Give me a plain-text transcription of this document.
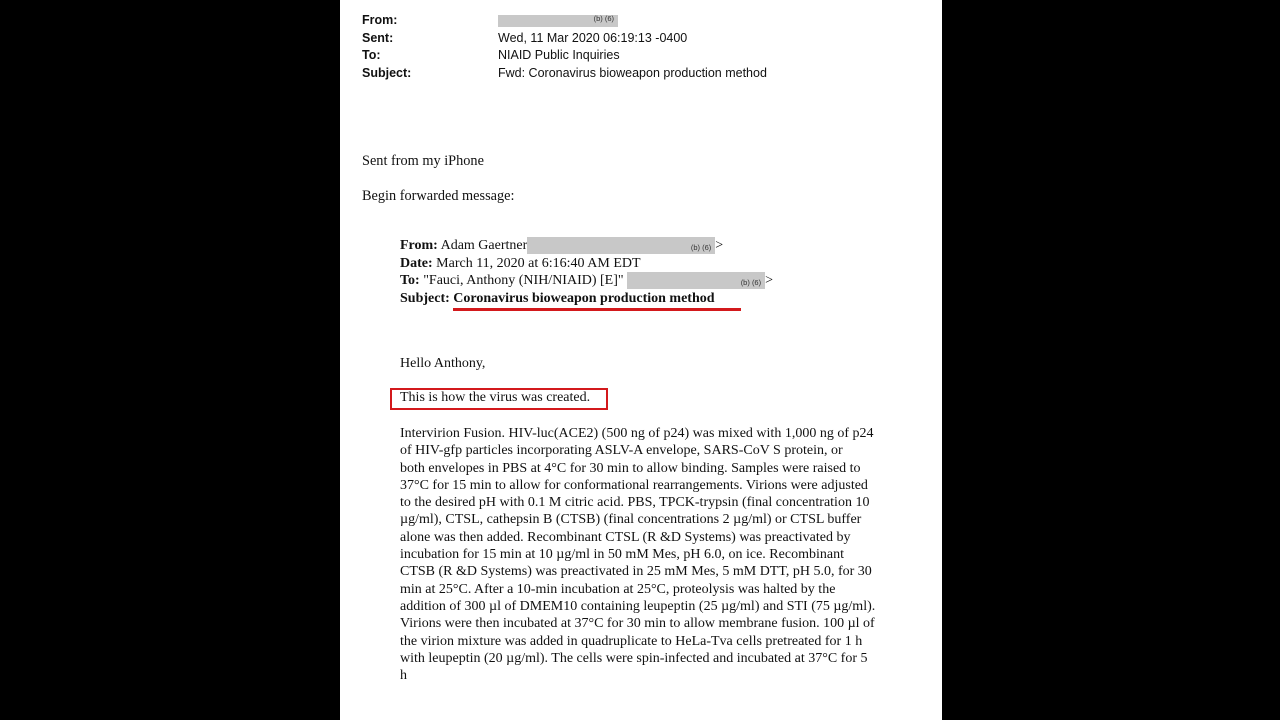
From:	(b) (6)
Sent:	Wed, 11 Mar 2020 06:19:13 -0400
To:	NIAID Public Inquiries
Subject:	Fwd: Coronavirus bioweapon production method
Sent from my iPhone
Begin forwarded message:
From: Adam Gaertner	(b) (6) >
Date: March 11, 2020 at 6:16:40 AM EDT
To: "Fauci, Anthony (NIH/NIAID) [E]"	(b) (6) >
Subject: Coronavirus bioweapon production method
Hello Anthony,
This is how the virus was created.
Intervirion Fusion. HIV-luc(ACE2) (500 ng of p24) was mixed with 1,000 ng of p24
of HIV-gfp particles incorporating ASLV-A envelope, SARS-CoV S protein, or
both envelopes in PBS at 4°C for 30 min to allow binding. Samples were raised to
37°C for 15 min to allow for conformational rearrangements. Virions were adjusted
to the desired pH with 0.1 M citric acid. PBS, TPCK-trypsin (final concentration 10
µg/ml), CTSL, cathepsin B (CTSB) (final concentrations 2 µg/ml) or CTSL buffer
alone was then added. Recombinant CTSL (R &D Systems) was preactivated by
incubation for 15 min at 10 µg/ml in 50 mM Mes, pH 6.0, on ice. Recombinant
CTSB (R &D Systems) was preactivated in 25 mM Mes, 5 mM DTT, pH 5.0, for 30
min at 25°C. After a 10-min incubation at 25°C, proteolysis was halted by the
addition of 300 µl of DMEM10 containing leupeptin (25 µg/ml) and STI (75 µg/ml).
Virions were then incubated at 37°C for 30 min to allow membrane fusion. 100 µl of
the virion mixture was added in quadruplicate to HeLa-Tva cells pretreated for 1 h
with leupeptin (20 µg/ml). The cells were spin-infected and incubated at 37°C for 5
h
